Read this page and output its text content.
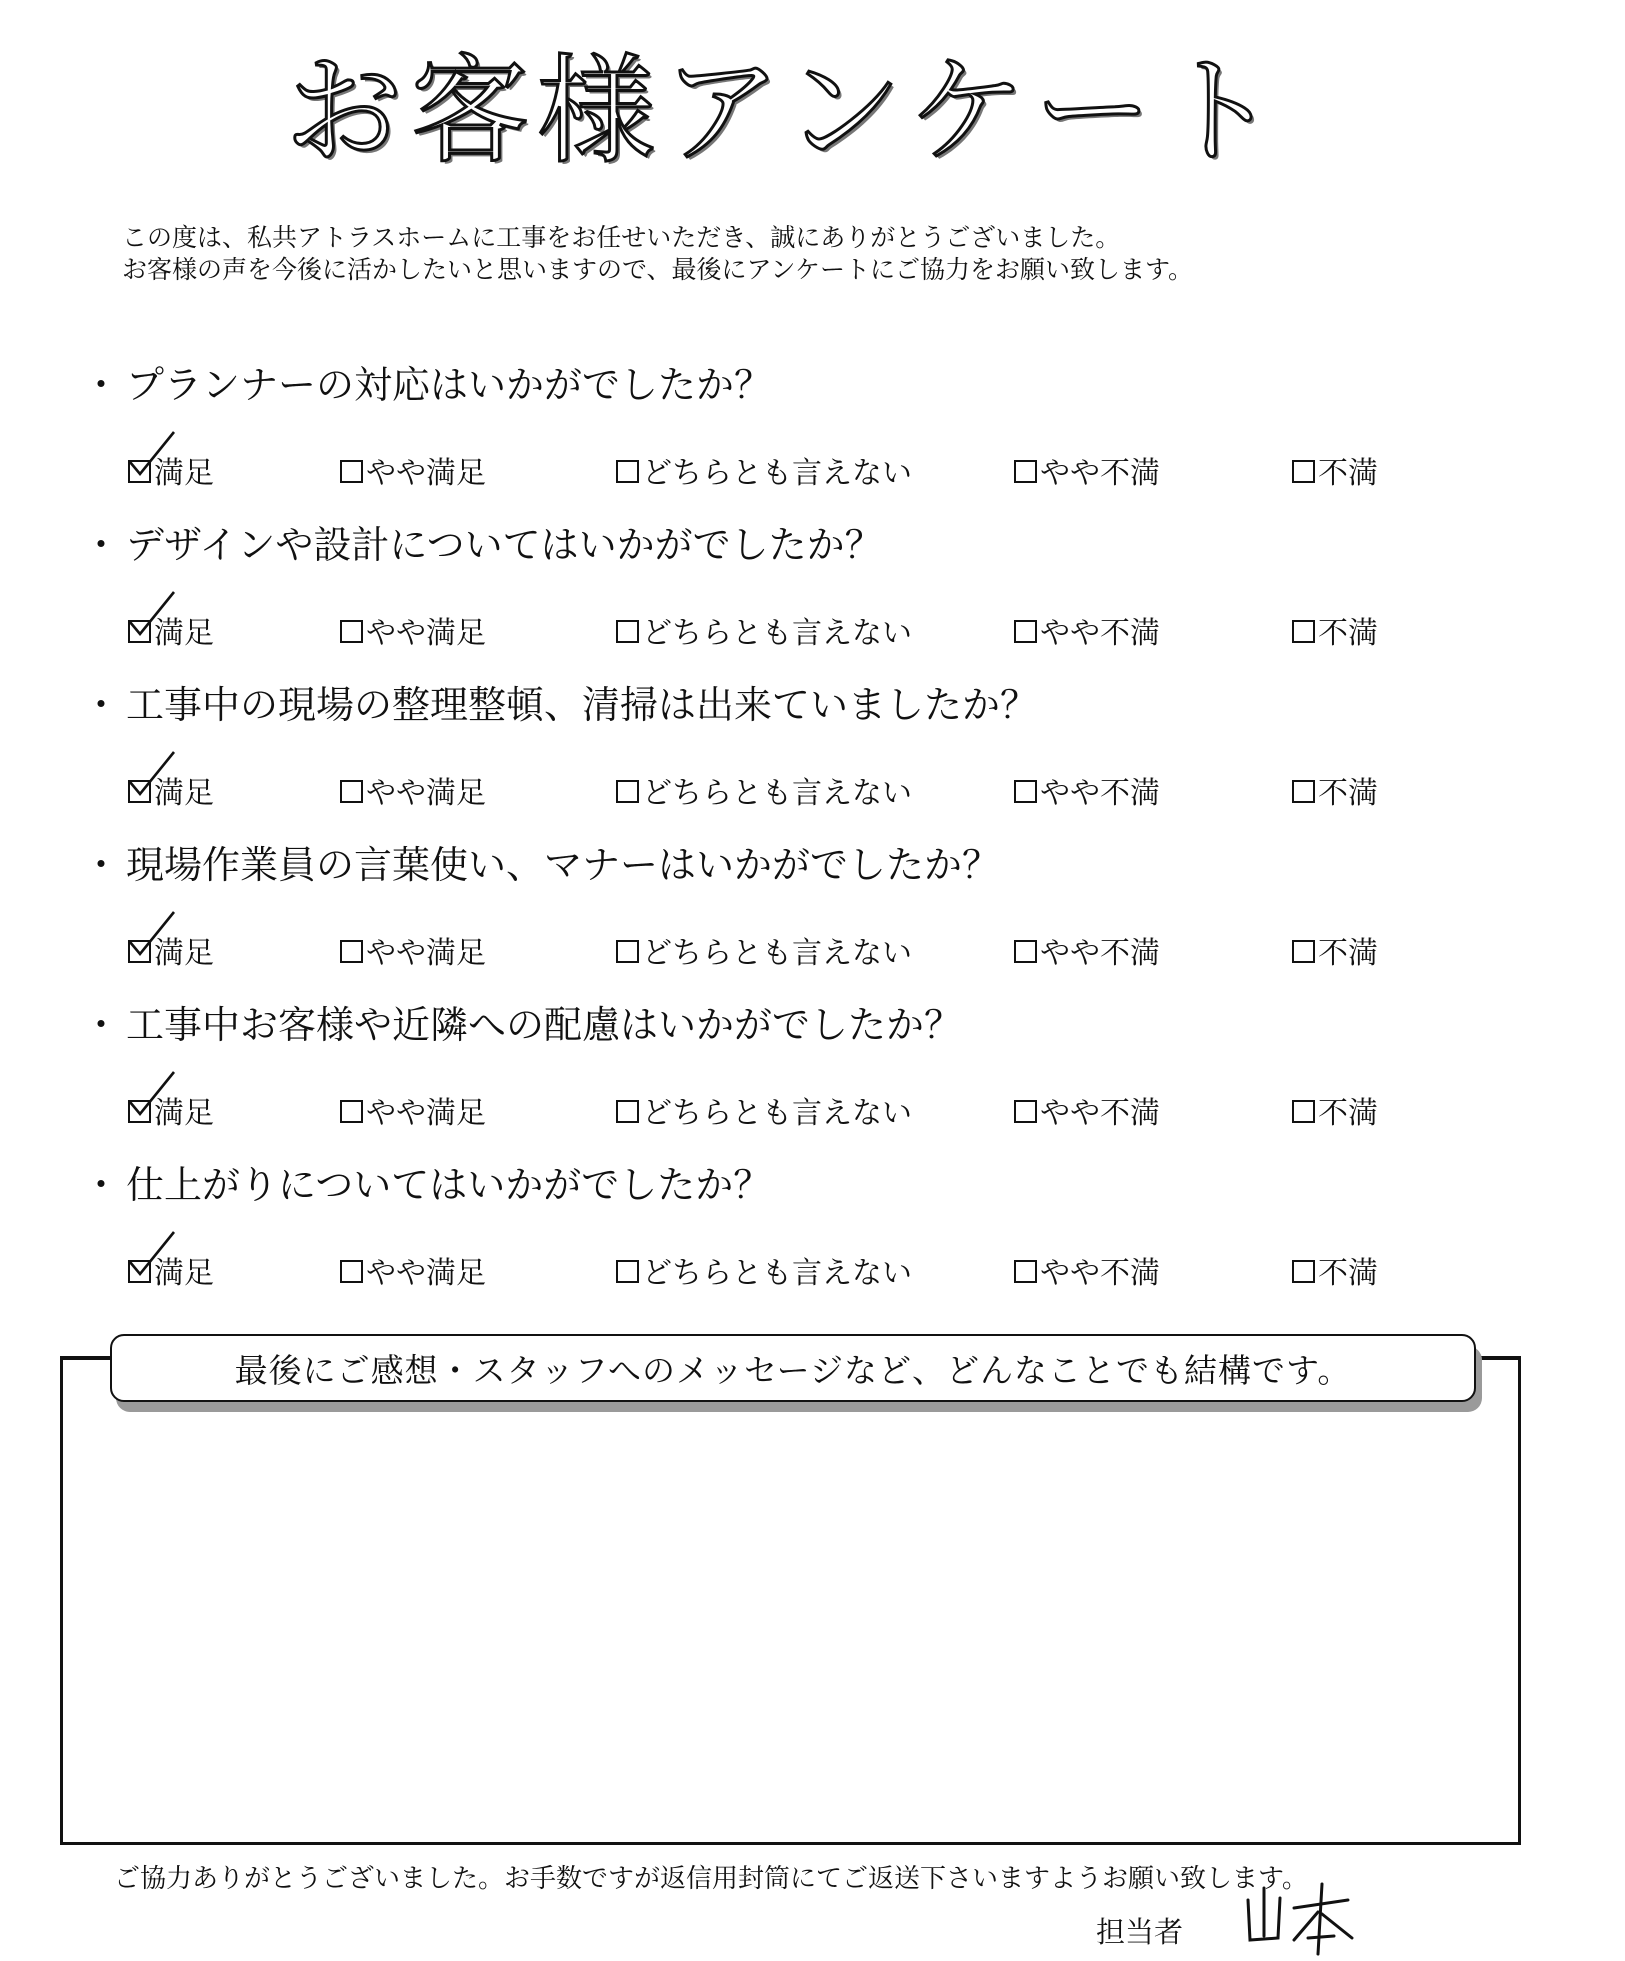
お客様アンケート
この度は、私共アトラスホームに工事をお任せいただき、誠にありがとうございました。
お客様の声を今後に活かしたいと思いますので、最後にアンケートにご協力をお願い致します。
・ プランナーの対応はいかがでしたか？
満足	やや満足	どちらとも言えない	やや不満	不満
・ デザインや設計についてはいかがでしたか？
満足	やや満足	どちらとも言えない	やや不満	不満
・ 工事中の現場の整理整頓、清掃は出来ていましたか？
満足	やや満足	どちらとも言えない	やや不満	不満
・ 現場作業員の言葉使い、マナーはいかがでしたか？
満足	やや満足	どちらとも言えない	やや不満	不満
・ 工事中お客様や近隣への配慮はいかがでしたか？
満足	やや満足	どちらとも言えない	やや不満	不満
・ 仕上がりについてはいかがでしたか？
満足	やや満足	どちらとも言えない	やや不満	不満
最後にご感想・スタッフへのメッセージなど、どんなことでも結構です。
ご協力ありがとうございました。お手数ですが返信用封筒にてご返送下さいますようお願い致します。
担当者
